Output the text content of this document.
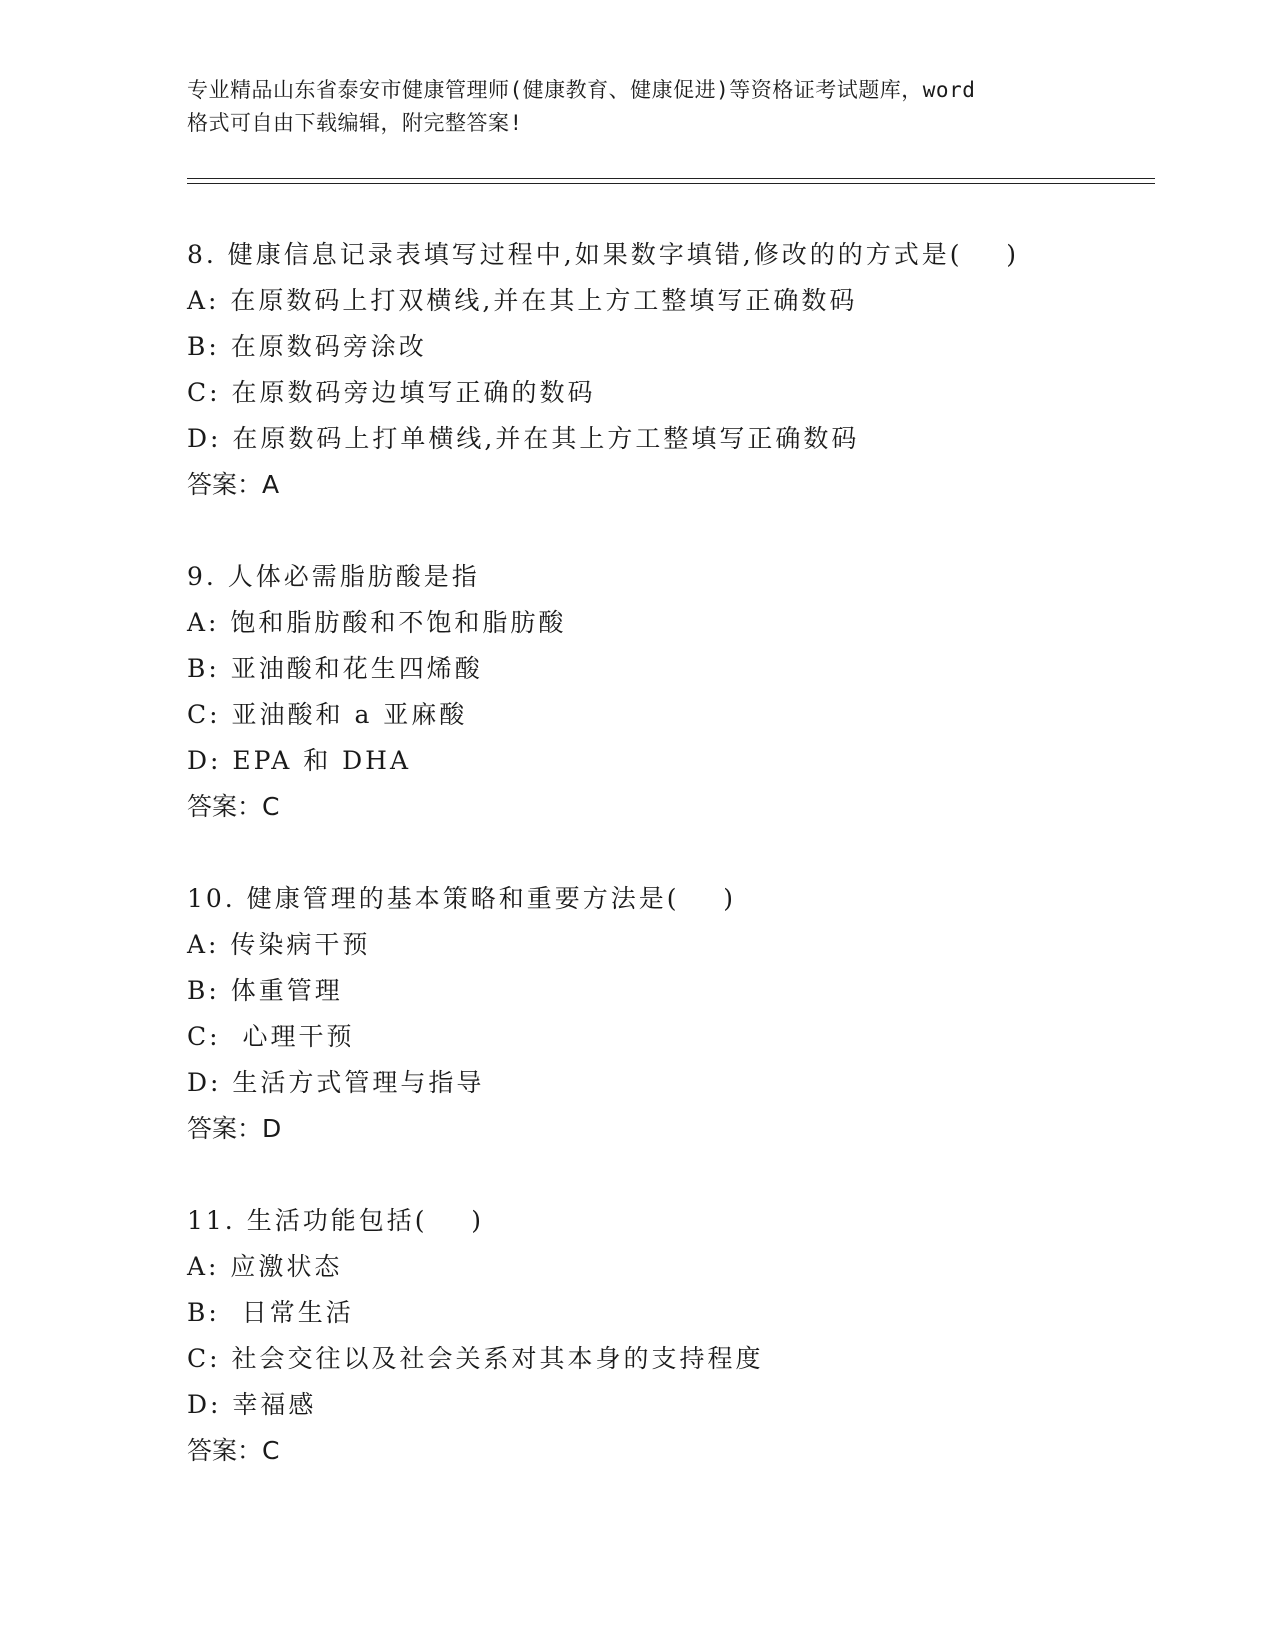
专业精品山东省泰安市健康管理师(健康教育、健康促进)等资格证考试题库，word
格式可自由下载编辑，附完整答案!
8. 健康信息记录表填写过程中,如果数字填错,修改的的方式是(    )
A: 在原数码上打双横线,并在其上方工整填写正确数码
B: 在原数码旁涂改
C: 在原数码旁边填写正确的数码
D: 在原数码上打单横线,并在其上方工整填写正确数码
答案：A
9. 人体必需脂肪酸是指
A: 饱和脂肪酸和不饱和脂肪酸
B: 亚油酸和花生四烯酸
C: 亚油酸和 a 亚麻酸
D: EPA 和 DHA
答案：C
10. 健康管理的基本策略和重要方法是(    )
A: 传染病干预
B: 体重管理
C:  心理干预
D: 生活方式管理与指导
答案：D
11. 生活功能包括(    )
A: 应激状态
B:  日常生活
C: 社会交往以及社会关系对其本身的支持程度
D: 幸福感
答案：C
